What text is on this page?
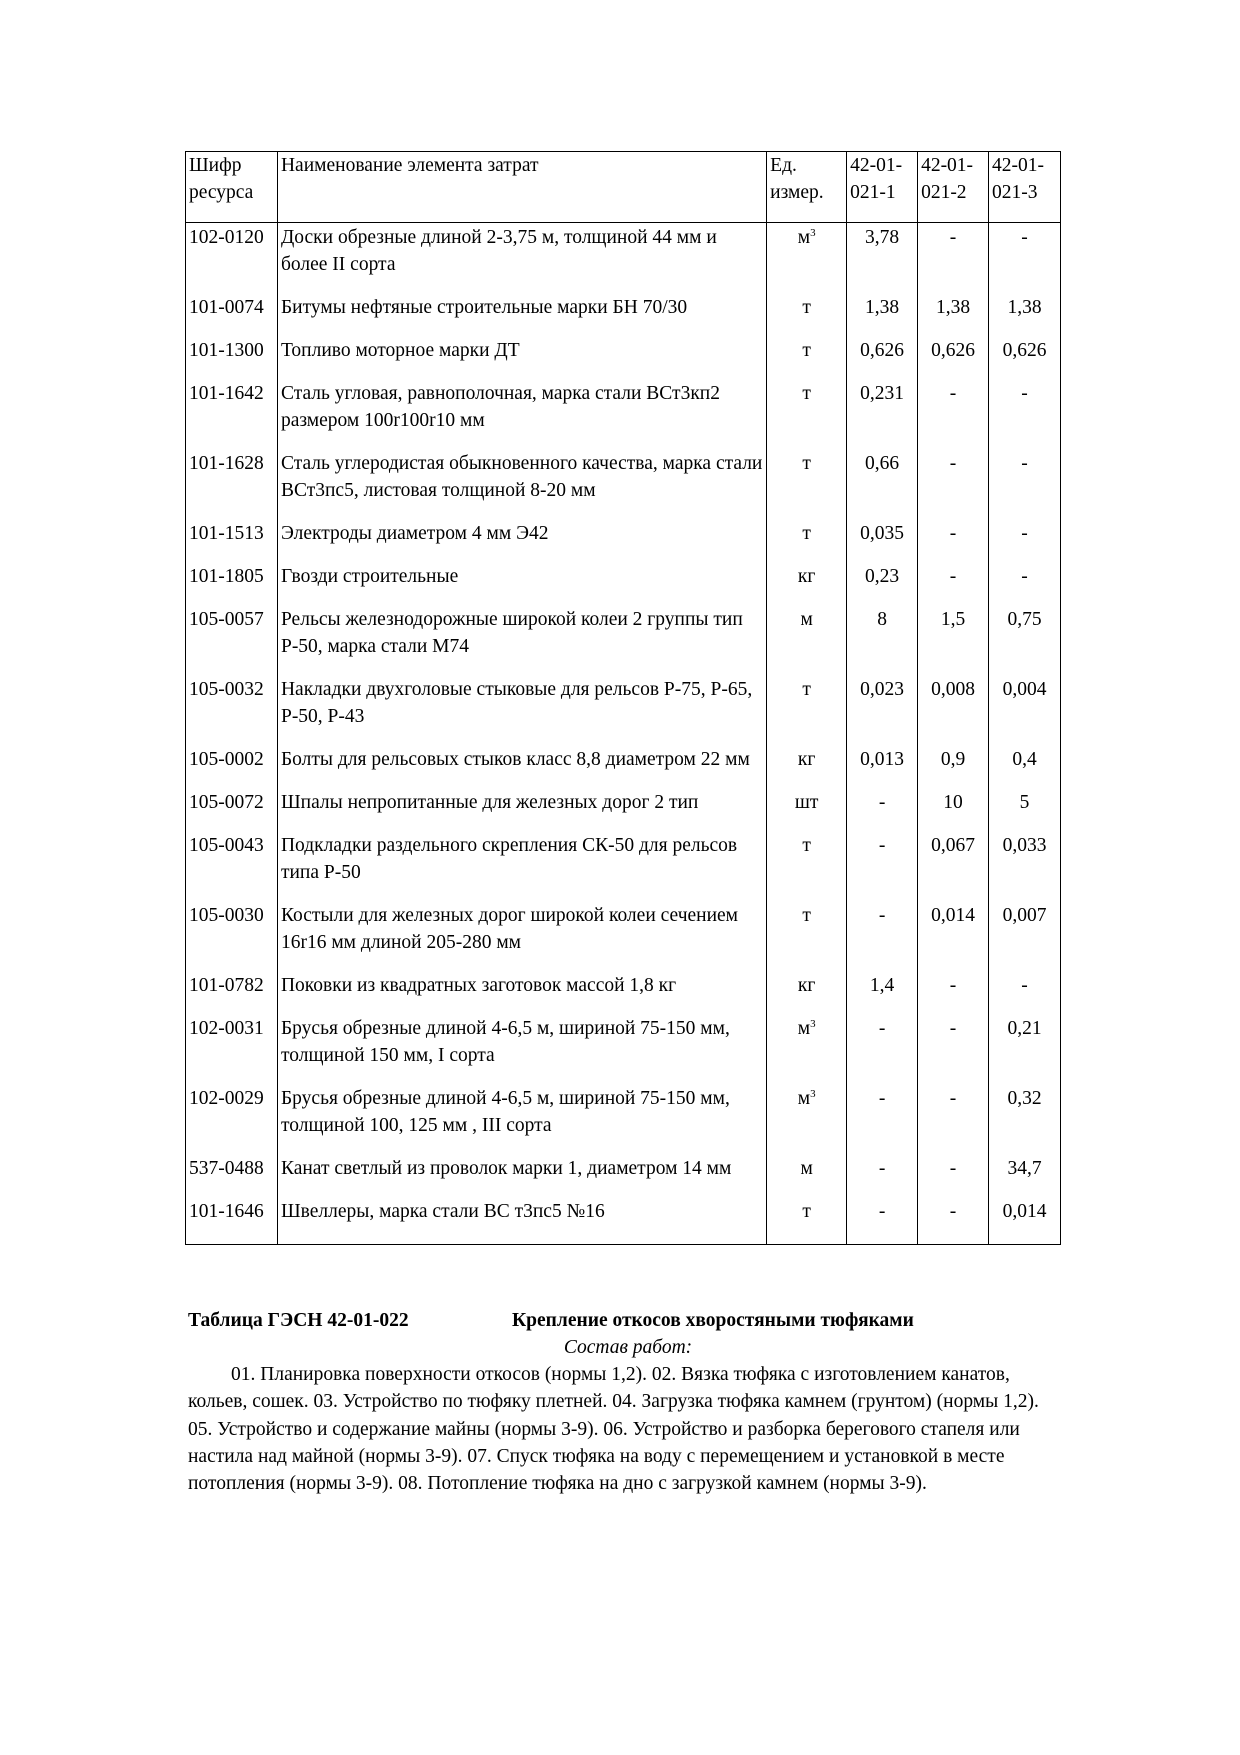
Шифр ресурса	Наименование элемента затрат	Ед. измер.	42-01-021-1	42-01-021-2	42-01-021-3
102-0120	Доски обрезные длиной 2-3,75 м, толщиной 44 мм и более II сорта	$м^3$	3,78	-	-
101-0074	Битумы нефтяные строительные марки БН 70/30	т	1,38	1,38	1,38
101-1300	Топливо моторное марки ДТ	т	0,626	0,626	0,626
101-1642	Сталь угловая, равнополочная, марка стали ВСт3кп2 размером 100r100r10 мм	т	0,231	-	-
101-1628	Сталь углеродистая обыкновенного качества, марка стали ВСт3пс5, листовая толщиной 8-20 мм	т	0,66	-	-
101-1513	Электроды диаметром 4 мм Э42	т	0,035	-	-
101-1805	Гвозди строительные	кг	0,23	-	-
105-0057	Рельсы железнодорожные широкой колеи 2 группы тип Р-50, марка стали М74	м	8	1,5	0,75
105-0032	Накладки двухголовые стыковые для рельсов Р-75, Р-65, Р-50, Р-43	т	0,023	0,008	0,004
105-0002	Болты для рельсовых стыков класс 8,8 диаметром 22 мм	кг	0,013	0,9	0,4
105-0072	Шпалы непропитанные для железных дорог 2 тип	шт	-	10	5
105-0043	Подкладки раздельного скрепления СК-50 для рельсов типа Р-50	т	-	0,067	0,033
105-0030	Костыли для железных дорог широкой колеи сечением 16r16 мм длиной 205-280 мм	т	-	0,014	0,007
101-0782	Поковки из квадратных заготовок массой 1,8 кг	кг	1,4	-	-
102-0031	Брусья обрезные длиной 4-6,5 м, шириной 75-150 мм, толщиной 150 мм, I сорта	$м^3$	-	-	0,21
102-0029	Брусья обрезные длиной 4-6,5 м, шириной 75-150 мм, толщиной 100, 125 мм , III сорта	$м^3$	-	-	0,32
537-0488	Канат светлый из проволок марки 1, диаметром 14 мм	м	-	-	34,7
101-1646	Швеллеры, марка стали ВС т3пс5 №16	т	-	-	0,014
Таблица ГЭСН 42-01-022	Крепление откосов хворостяными тюфяками
Состав работ:

01. Планировка поверхности откосов (нормы 1,2). 02. Вязка тюфяка с изготовлением канатов, кольев, сошек. 03. Устройство по тюфяку плетней. 04. Загрузка тюфяка камнем (грунтом) (нормы 1,2). 05. Устройство и содержание майны (нормы 3-9). 06. Устройство и разборка берегового стапеля или настила над майной (нормы 3-9). 07. Спуск тюфяка на воду с перемещением и установкой в месте потопления (нормы 3-9). 08. Потопление тюфяка на дно с загрузкой камнем (нормы 3-9).
